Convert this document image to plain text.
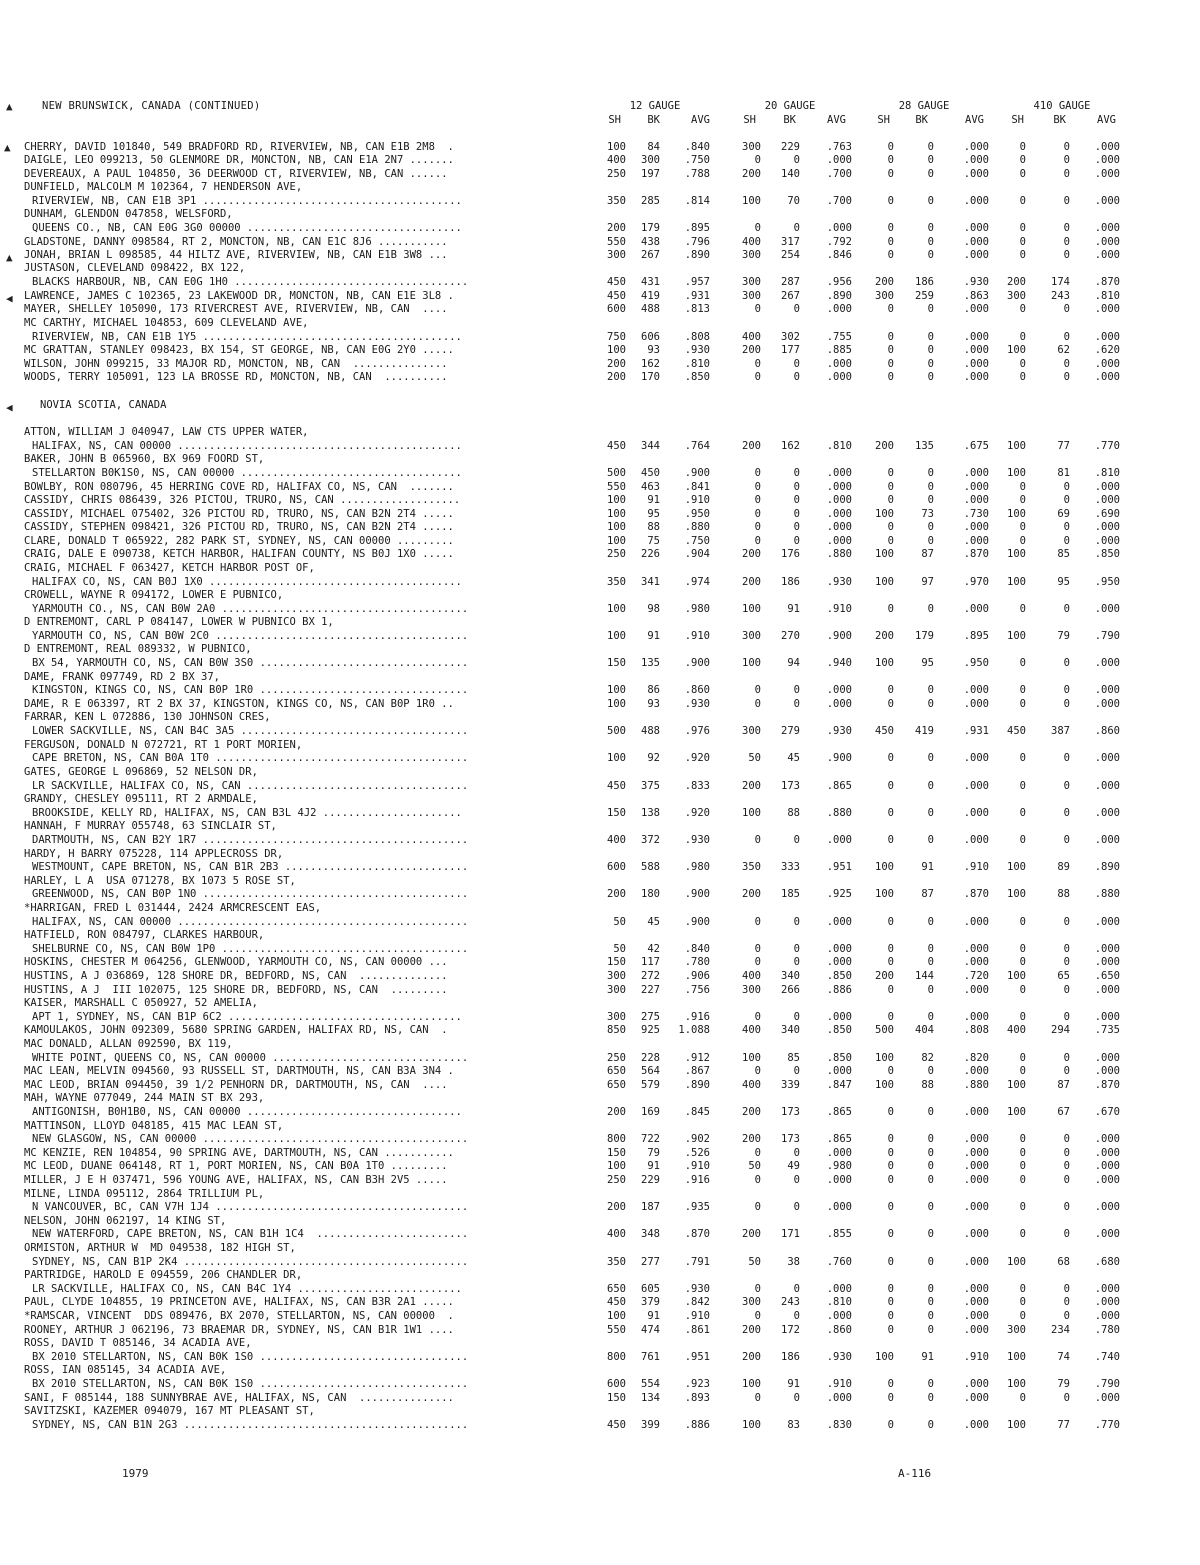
▲	NEW BRUNSWICK, CANADA (CONTINUED)	12 GAUGE	20 GAUGE	28 GAUGE	410 GAUGE
SH	BK	AVG	SH	BK	AVG	SH	BK	AVG	SH	BK	AVG
CHERRY, DAVID 101840, 549 BRADFORD RD, RIVERVIEW, NB, CAN E1B 2M8  .	100 84 .840	300 229	.763	0	0	.000	0	0 .000
DAIGLE, LEO 099213, 50 GLENMORE DR, MONCTON, NB, CAN E1A 2N7 .......	400 300 .750	0	0	.000	0	0	.000	0	0 .000
DEVEREAUX, A PAUL 104850, 36 DEERWOOD CT, RIVERVIEW, NB, CAN ......	250 197 .788	200 140	.700	0	0	.000	0	0 .000
DUNFIELD, MALCOLM M 102364, 7 HENDERSON AVE,
RIVERVIEW, NB, CAN E1B 3P1 .........................................	350 285 .814	100	70	.700	0	0	.000	0	0 .000
DUNHAM, GLENDON 047858, WELSFORD,
QUEENS CO., NB, CAN E0G 3G0 00000 ..................................	200 179 .895	0	0	.000	0	0	.000	0	0 .000
GLADSTONE, DANNY 098584, RT 2, MONCTON, NB, CAN E1C 8J6 ...........	550 438 .796	400 317	.792	0	0	.000	0	0 .000
JONAH, BRIAN L 098585, 44 HILTZ AVE, RIVERVIEW, NB, CAN E1B 3W8 ...	300 267 .890	300 254	.846	0	0	.000	0	0 .000
JUSTASON, CLEVELAND 098422, BX 122,
BLACKS HARBOUR, NB, CAN E0G 1H0 .....................................	450 431 .957	300 287	.956 200 186	.930 200 174 .870
LAWRENCE, JAMES C 102365, 23 LAKEWOOD DR, MONCTON, NB, CAN E1E 3L8 .	450 419 .931	300 267	.890 300 259	.863 300 243 .810
MAYER, SHELLEY 105090, 173 RIVERCREST AVE, RIVERVIEW, NB, CAN  ....	600 488 .813	0	0	.000	0	0	.000	0	0 .000
MC CARTHY, MICHAEL 104853, 609 CLEVELAND AVE,
RIVERVIEW, NB, CAN E1B 1Y5 .........................................	750 606 .808	400 302	.755	0	0	.000	0	0 .000
MC GRATTAN, STANLEY 098423, BX 154, ST GEORGE, NB, CAN E0G 2Y0 .....	100 93 .930	200 177	.885	0	0	.000 100	62 .620
WILSON, JOHN 099215, 33 MAJOR RD, MONCTON, NB, CAN  ...............	200 162 .810	0	0	.000	0	0	.000	0	0 .000
WOODS, TERRY 105091, 123 LA BROSSE RD, MONCTON, NB, CAN  ..........	200 170 .850	0	0	.000	0	0	.000	0	0 .000
NOVIA SCOTIA, CANADA
ATTON, WILLIAM J 040947, LAW CTS UPPER WATER,
HALIFAX, NS, CAN 00000 .............................................	450 344 .764	200 162	.810 200 135	.675 100	77 .770
BAKER, JOHN B 065960, BX 969 FOORD ST,
STELLARTON B0K1S0, NS, CAN 00000 ...................................	500 450 .900	0	0	.000	0	0	.000 100	81 .810
BOWLBY, RON 080796, 45 HERRING COVE RD, HALIFAX CO, NS, CAN  .......	550 463 .841	0	0	.000	0	0	.000	0	0 .000
CASSIDY, CHRIS 086439, 326 PICTOU, TRURO, NS, CAN ...................	100 91 .910	0	0	.000	0	0	.000	0	0 .000
CASSIDY, MICHAEL 075402, 326 PICTOU RD, TRURO, NS, CAN B2N 2T4 .....	100 95 .950	0	0	.000 100	73	.730 100	69 .690
CASSIDY, STEPHEN 098421, 326 PICTOU RD, TRURO, NS, CAN B2N 2T4 .....	100 88 .880	0	0	.000	0	0	.000	0	0 .000
CLARE, DONALD T 065922, 282 PARK ST, SYDNEY, NS, CAN 00000 .........	100 75 .750	0	0	.000	0	0	.000	0	0 .000
CRAIG, DALE E 090738, KETCH HARBOR, HALIFAN COUNTY, NS B0J 1X0 .....	250 226 .904	200 176	.880 100	87	.870 100	85 .850
CRAIG, MICHAEL F 063427, KETCH HARBOR POST OF,
HALIFAX CO, NS, CAN B0J 1X0 ........................................	350 341 .974	200 186	.930 100	97	.970 100	95 .950
CROWELL, WAYNE R 094172, LOWER E PUBNICO,
YARMOUTH CO., NS, CAN B0W 2A0 .......................................	100 98 .980	100	91	.910	0	0	.000	0	0 .000
D ENTREMONT, CARL P 084147, LOWER W PUBNICO BX 1,
YARMOUTH CO, NS, CAN B0W 2C0 ........................................	100 91 .910	300 270	.900 200 179	.895 100	79 .790
D ENTREMONT, REAL 089332, W PUBNICO,
BX 54, YARMOUTH CO, NS, CAN B0W 3S0 .................................	150 135 .900	100	94	.940 100	95	.950	0	0 .000
DAME, FRANK 097749, RD 2 BX 37,
KINGSTON, KINGS CO, NS, CAN B0P 1R0 .................................	100 86 .860	0	0	.000	0	0	.000	0	0 .000
DAME, R E 063397, RT 2 BX 37, KINGSTON, KINGS CO, NS, CAN B0P 1R0 ..	100 93 .930	0	0	.000	0	0	.000	0	0 .000
FARRAR, KEN L 072886, 130 JOHNSON CRES,
LOWER SACKVILLE, NS, CAN B4C 3A5 ....................................	500 488 .976	300 279	.930 450 419	.931 450 387 .860
FERGUSON, DONALD N 072721, RT 1 PORT MORIEN,
CAPE BRETON, NS, CAN B0A 1T0 ........................................	100 92 .920	50	45	.900	0	0	.000	0	0 .000
GATES, GEORGE L 096869, 52 NELSON DR,
LR SACKVILLE, HALIFAX CO, NS, CAN ...................................	450 375 .833	200 173	.865	0	0	.000	0	0 .000
GRANDY, CHESLEY 095111, RT 2 ARMDALE,
BROOKSIDE, KELLY RD, HALIFAX, NS, CAN B3L 4J2 ......................	150 138 .920	100	88	.880	0	0	.000	0	0 .000
HANNAH, F MURRAY 055748, 63 SINCLAIR ST,
DARTMOUTH, NS, CAN B2Y 1R7 ..........................................	400 372 .930	0	0	.000	0	0	.000	0	0 .000
HARDY, H BARRY 075228, 114 APPLECROSS DR,
WESTMOUNT, CAPE BRETON, NS, CAN B1R 2B3 .............................	600 588 .980	350 333	.951 100	91	.910 100	89 .890
HARLEY, L A  USA 071278, BX 1073 5 ROSE ST,
GREENWOOD, NS, CAN B0P 1N0 ..........................................	200 180 .900	200 185	.925 100	87	.870 100	88 .880
*HARRIGAN, FRED L 031444, 2424 ARMCRESCENT EAS,
HALIFAX, NS, CAN 00000 ..............................................	50 45 .900	0	0	.000	0	0	.000	0	0 .000
HATFIELD, RON 084797, CLARKES HARBOUR,
SHELBURNE CO, NS, CAN B0W 1P0 .......................................	50 42 .840	0	0	.000	0	0	.000	0	0 .000
HOSKINS, CHESTER M 064256, GLENWOOD, YARMOUTH CO, NS, CAN 00000 ...	150 117 .780	0	0	.000	0	0	.000	0	0 .000
HUSTINS, A J 036869, 128 SHORE DR, BEDFORD, NS, CAN  ..............	300 272 .906	400 340	.850 200 144	.720 100	65 .650
HUSTINS, A J  III 102075, 125 SHORE DR, BEDFORD, NS, CAN  .........	300 227 .756	300 266	.886	0	0	.000	0	0 .000
KAISER, MARSHALL C 050927, 52 AMELIA,
APT 1, SYDNEY, NS, CAN B1P 6C2 .....................................	300 275 .916	0	0	.000	0	0	.000	0	0 .000
KAMOULAKOS, JOHN 092309, 5680 SPRING GARDEN, HALIFAX RD, NS, CAN  .	850 925 1.088	400 340	.850 500 404	.808 400 294 .735
MAC DONALD, ALLAN 092590, BX 119,
WHITE POINT, QUEENS CO, NS, CAN 00000 ...............................	250 228 .912	100	85	.850 100	82	.820	0	0 .000
MAC LEAN, MELVIN 094560, 93 RUSSELL ST, DARTMOUTH, NS, CAN B3A 3N4 .	650 564 .867	0	0	.000	0	0	.000	0	0 .000
MAC LEOD, BRIAN 094450, 39 1/2 PENHORN DR, DARTMOUTH, NS, CAN  ....	650 579 .890	400 339	.847 100	88	.880 100	87 .870
MAH, WAYNE 077049, 244 MAIN ST BX 293,
ANTIGONISH, B0H1B0, NS, CAN 00000 ..................................	200 169 .845	200 173	.865	0	0	.000 100	67 .670
MATTINSON, LLOYD 048185, 415 MAC LEAN ST,
NEW GLASGOW, NS, CAN 00000 ..........................................	800 722 .902	200 173	.865	0	0	.000	0	0 .000
MC KENZIE, REN 104854, 90 SPRING AVE, DARTMOUTH, NS, CAN ...........	150 79 .526	0	0	.000	0	0	.000	0	0 .000
MC LEOD, DUANE 064148, RT 1, PORT MORIEN, NS, CAN B0A 1T0 .........	100 91 .910	50	49	.980	0	0	.000	0	0 .000
MILLER, J E H 037471, 596 YOUNG AVE, HALIFAX, NS, CAN B3H 2V5 .....	250 229 .916	0	0	.000	0	0	.000	0	0 .000
MILNE, LINDA 095112, 2864 TRILLIUM PL,
N VANCOUVER, BC, CAN V7H 1J4 ........................................	200 187 .935	0	0	.000	0	0	.000	0	0 .000
NELSON, JOHN 062197, 14 KING ST,
NEW WATERFORD, CAPE BRETON, NS, CAN B1H 1C4  ........................	400 348 .870	200 171	.855	0	0	.000	0	0 .000
ORMISTON, ARTHUR W  MD 049538, 182 HIGH ST,
SYDNEY, NS, CAN B1P 2K4 .............................................	350 277 .791	50	38	.760	0	0	.000 100	68 .680
PARTRIDGE, HAROLD E 094559, 206 CHANDLER DR,
LR SACKVILLE, HALIFAX CO, NS, CAN B4C 1Y4 ..........................	650 605 .930	0	0	.000	0	0	.000	0	0 .000
PAUL, CLYDE 104855, 19 PRINCETON AVE, HALIFAX, NS, CAN B3R 2A1 .....	450 379 .842	300 243	.810	0	0	.000	0	0 .000
*RAMSCAR, VINCENT  DDS 089476, BX 2070, STELLARTON, NS, CAN 00000  .	100 91 .910	0	0	.000	0	0	.000	0	0 .000
ROONEY, ARTHUR J 062196, 73 BRAEMAR DR, SYDNEY, NS, CAN B1R 1W1 ....	550 474 .861	200 172	.860	0	0	.000 300 234 .780
ROSS, DAVID T 085146, 34 ACADIA AVE,
BX 2010 STELLARTON, NS, CAN B0K 1S0 .................................	800 761 .951	200 186	.930 100	91	.910 100	74 .740
ROSS, IAN 085145, 34 ACADIA AVE,
BX 2010 STELLARTON, NS, CAN B0K 1S0 .................................	600 554 .923	100	91	.910	0	0	.000 100	79 .790
SANI, F 085144, 188 SUNNYBRAE AVE, HALIFAX, NS, CAN  ...............	150 134 .893	0	0	.000	0	0	.000	0	0 .000
SAVITZSKI, KAZEMER 094079, 167 MT PLEASANT ST,
SYDNEY, NS, CAN B1N 2G3 .............................................	450 399 .886	100	83	.830	0	0	.000 100	77 .770
▲
▲
◀
◀
1979	A-116
